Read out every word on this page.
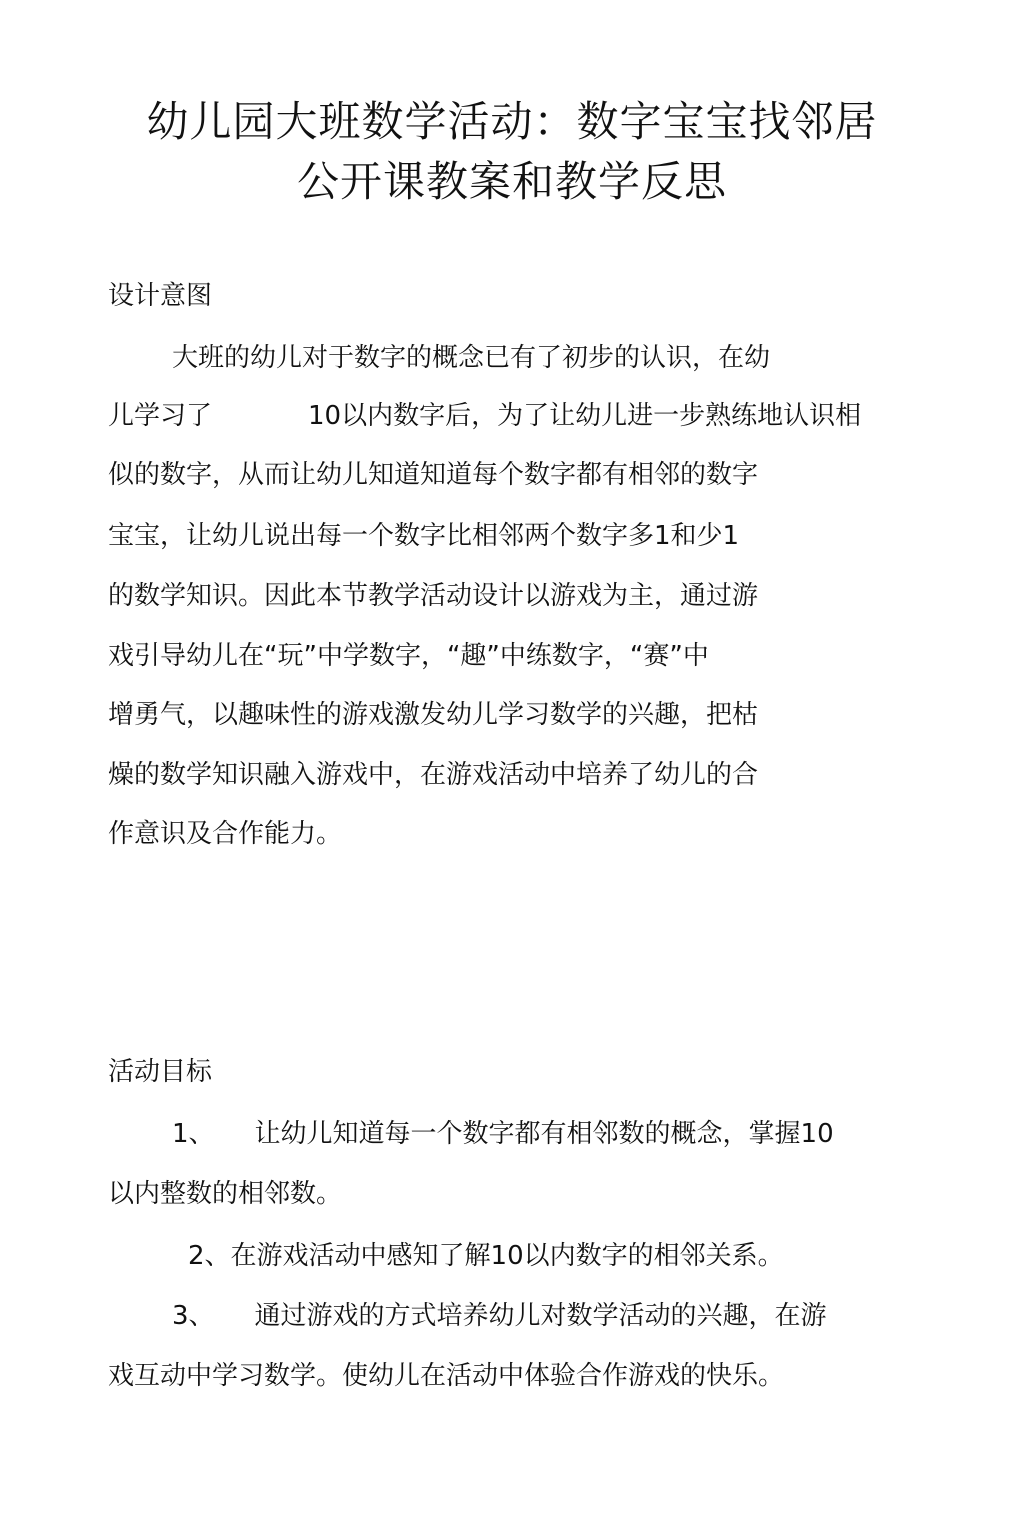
幼儿园大班数学活动：数字宝宝找邻居
公开课教案和教学反思

设计意图

大班的幼儿对于数字的概念已有了初步的认识，在幼

儿学习了	10以内数字后，为了让幼儿进一步熟练地认识相

似的数字，从而让幼儿知道知道每个数字都有相邻的数字

宝宝，让幼儿说出每一个数字比相邻两个数字多1和少1

的数学知识。因此本节教学活动设计以游戏为主，通过游

戏引导幼儿在“玩”中学数字，“趣”中练数字，“赛”中

增勇气，以趣味性的游戏激发幼儿学习数学的兴趣，把枯

燥的数学知识融入游戏中，在游戏活动中培养了幼儿的合

作意识及合作能力。

活动目标

1、 让幼儿知道每一个数字都有相邻数的概念，掌握10

以内整数的相邻数。

2、在游戏活动中感知了解10以内数字的相邻关系。

3、 通过游戏的方式培养幼儿对数学活动的兴趣，在游

戏互动中学习数学。使幼儿在活动中体验合作游戏的快乐。
